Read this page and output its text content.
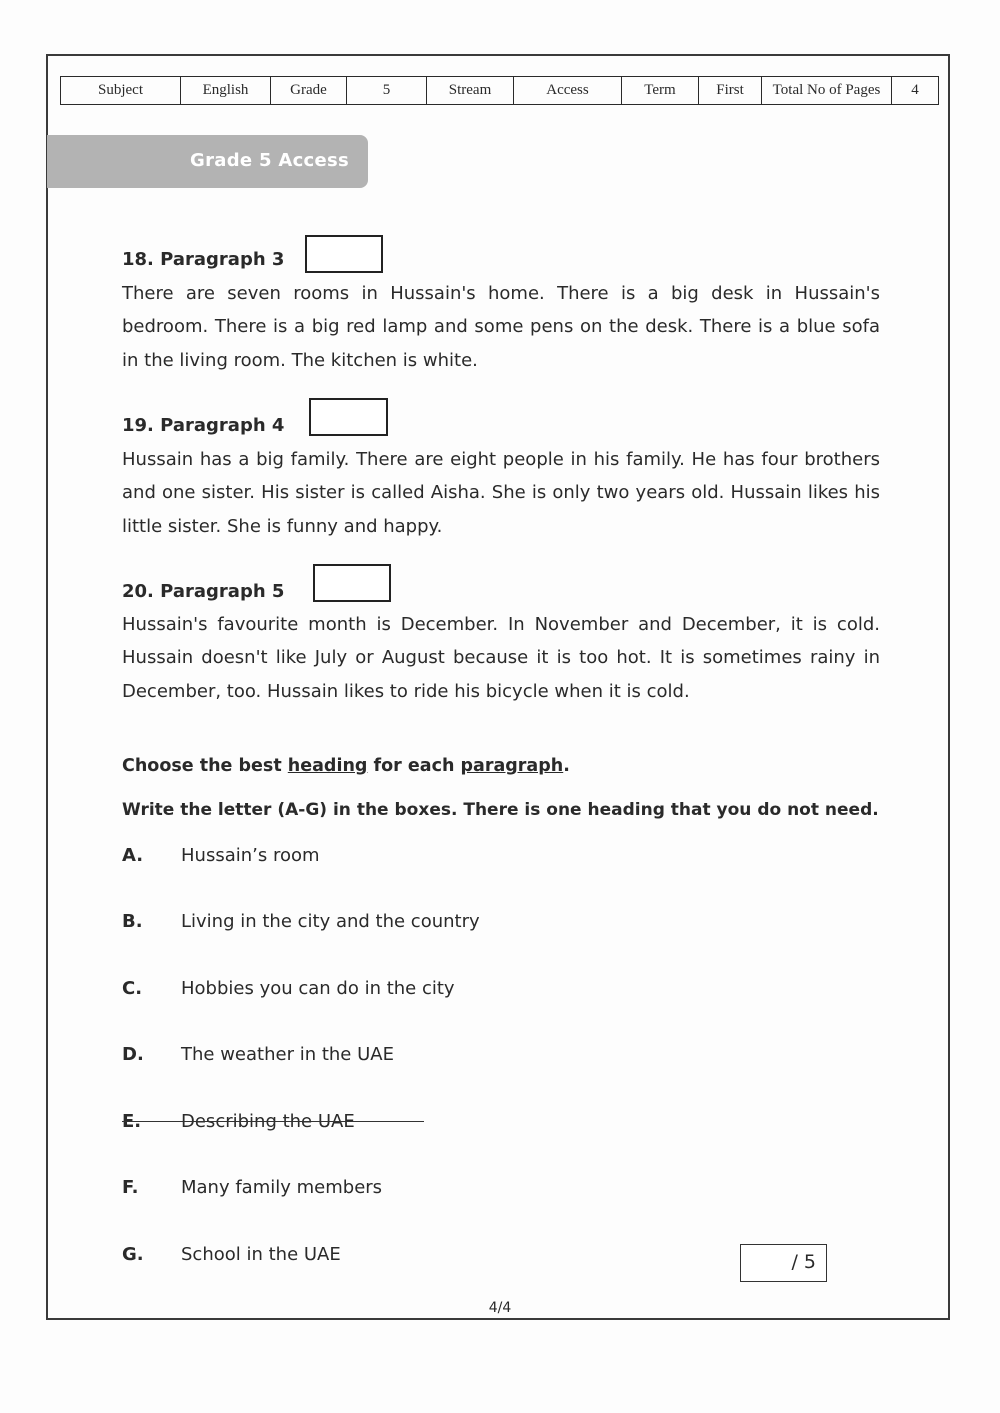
Subject	English	Grade	5	Stream	Access	Term	First	Total No of Pages	4
Grade 5 Access
18. Paragraph 3
There are seven rooms in Hussain's home. There is a big desk in Hussain's bedroom. There is a big red lamp and some pens on the desk. There is a blue sofa in the living room. The kitchen is white.
19. Paragraph 4
Hussain has a big family. There are eight people in his family. He has four brothers and one sister. His sister is called Aisha. She is only two years old. Hussain likes his little sister. She is funny and happy.
20. Paragraph 5
Hussain's favourite month is December. In November and December, it is cold. Hussain doesn't like July or August because it is too hot. It is sometimes rainy in December, too. Hussain likes to ride his bicycle when it is cold.
Choose the best heading for each paragraph.
Write the letter (A-G) in the boxes. There is one heading that you do not need.
A. Hussain’s room
B. Living in the city and the country
C. Hobbies you can do in the city
D. The weather in the UAE
E. Describing the UAE
F. Many family members
G. School in the UAE	/ 5
4/4
